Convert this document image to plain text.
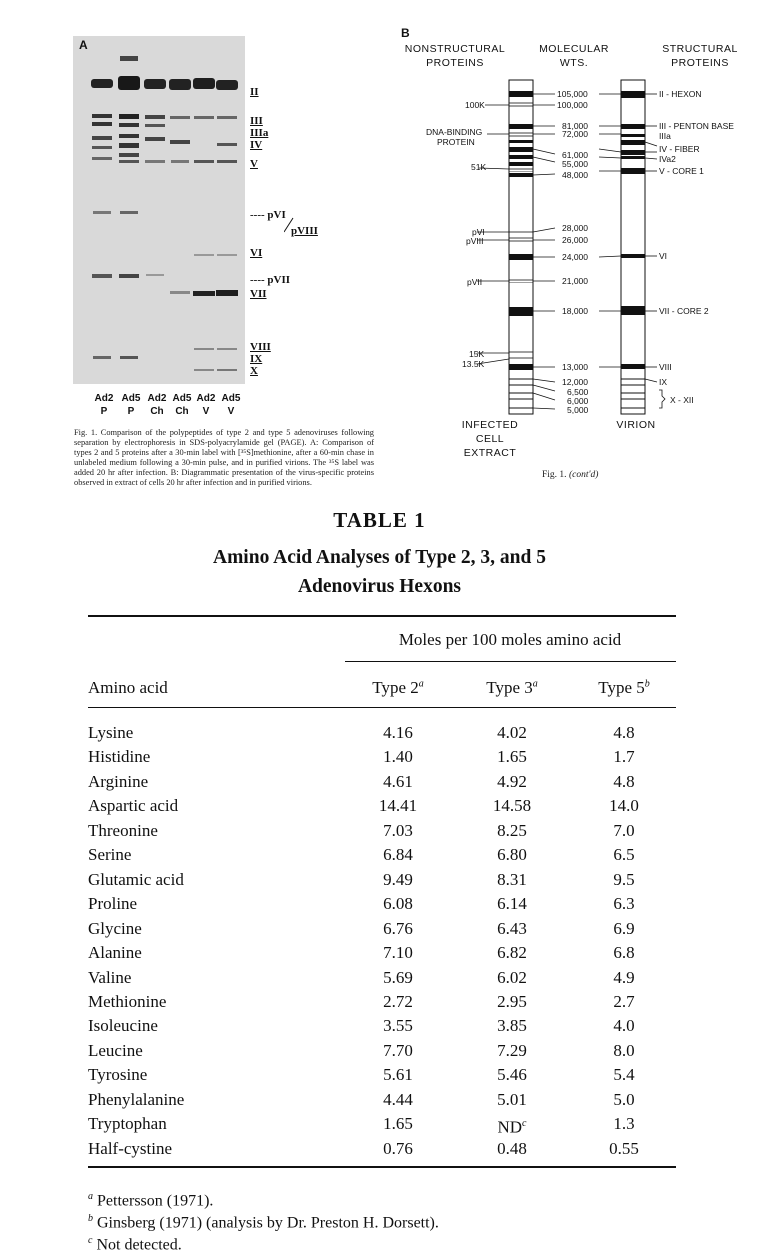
A
Ad2
P
Ad5
P
Ad2
Ch
Ad5
Ch
Ad2
V
Ad5
V
II
III
IIIa
IV
V
VI
VII
VIII
IX
X
---- pVI
pVIII
---- pVII
Fig. 1. Comparison of the polypeptides of type 2 and type 5 adenoviruses following separation by electrophoresis in SDS-polyacrylamide gel (PAGE). A: Comparison of types 2 and 5 proteins after a 30-min label with [³⁵S]methionine, after a 60-min chase in unlabeled medium following a 30-min pulse, and in purified virions. The ³⁵S label was added 20 hr after infection. B: Diagrammatic presentation of the virus-specific proteins observed in extract of cells 20 hr after infection and in purified virions.
B
NONSTRUCTURAL
PROTEINS
MOLECULAR
WTS.
STRUCTURAL
PROTEINS
100K
DNA-BINDING
PROTEIN
51K
pVI
pVIII
pVII
15K
13.5K
105,000
100,000
81,000
72,000
61,000
55,000
48,000
28,000
26,000
24,000
21,000
18,000
13,000
12,000
6,500
6,000
5,000
II - HEXON
III - PENTON BASE
IIIa
IV - FIBER
IVa2
V - CORE 1
VI
VII - CORE 2
VIII
IX
X - XII
INFECTED
CELL
EXTRACT
VIRION
Fig. 1. (cont'd)
TABLE 1
Amino Acid Analyses of Type 2, 3, and 5
Adenovirus Hexons
Moles per 100 moles amino acid
Amino acid	Type 2$^a$	Type 3$^a$	Type 5$^b$
Lysine	4.16	4.02	4.8
Histidine	1.40	1.65	1.7
Arginine	4.61	4.92	4.8
Aspartic acid	14.41	14.58	14.0
Threonine	7.03	8.25	7.0
Serine	6.84	6.80	6.5
Glutamic acid	9.49	8.31	9.5
Proline	6.08	6.14	6.3
Glycine	6.76	6.43	6.9
Alanine	7.10	6.82	6.8
Valine	5.69	6.02	4.9
Methionine	2.72	2.95	2.7
Isoleucine	3.55	3.85	4.0
Leucine	7.70	7.29	8.0
Tyrosine	5.61	5.46	5.4
Phenylalanine	4.44	5.01	5.0
Tryptophan	1.65	$ND^c$	1.3
Half-cystine	0.76	0.48	0.55
$^a$ Pettersson (1971).
$^b$ Ginsberg (1971) (analysis by Dr. Preston H. Dorsett).
$^c$ Not detected.
